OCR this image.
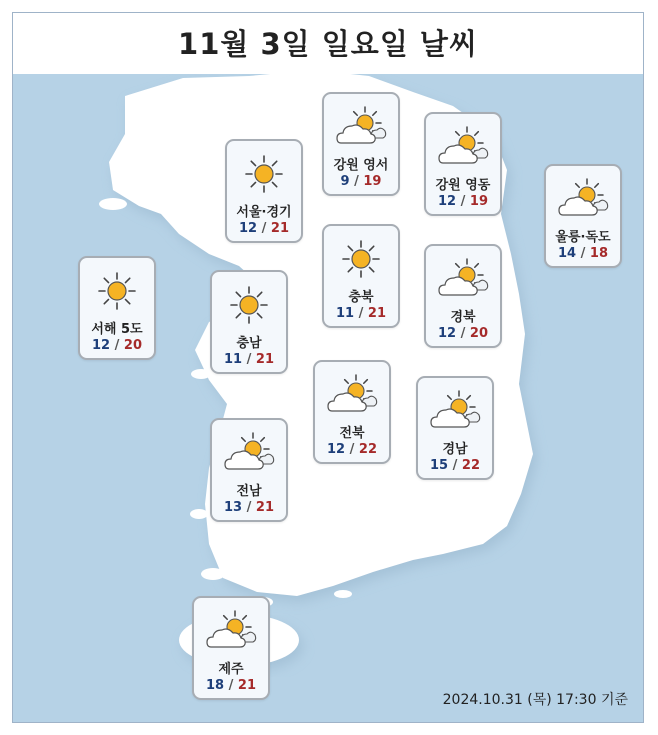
11월 3일 일요일 날씨
강원 영서
9 / 19	강원 영동
12 / 19
서울·경기
12 / 21
울릉·독도
14 / 18
서해 5도
12 / 20
충북
11 / 21	경북
12 / 20
충남
11 / 21
전북
12 / 22	경남
15 / 22
전남
13 / 21
제주
18 / 21
2024.10.31 (목) 17:30 기준
